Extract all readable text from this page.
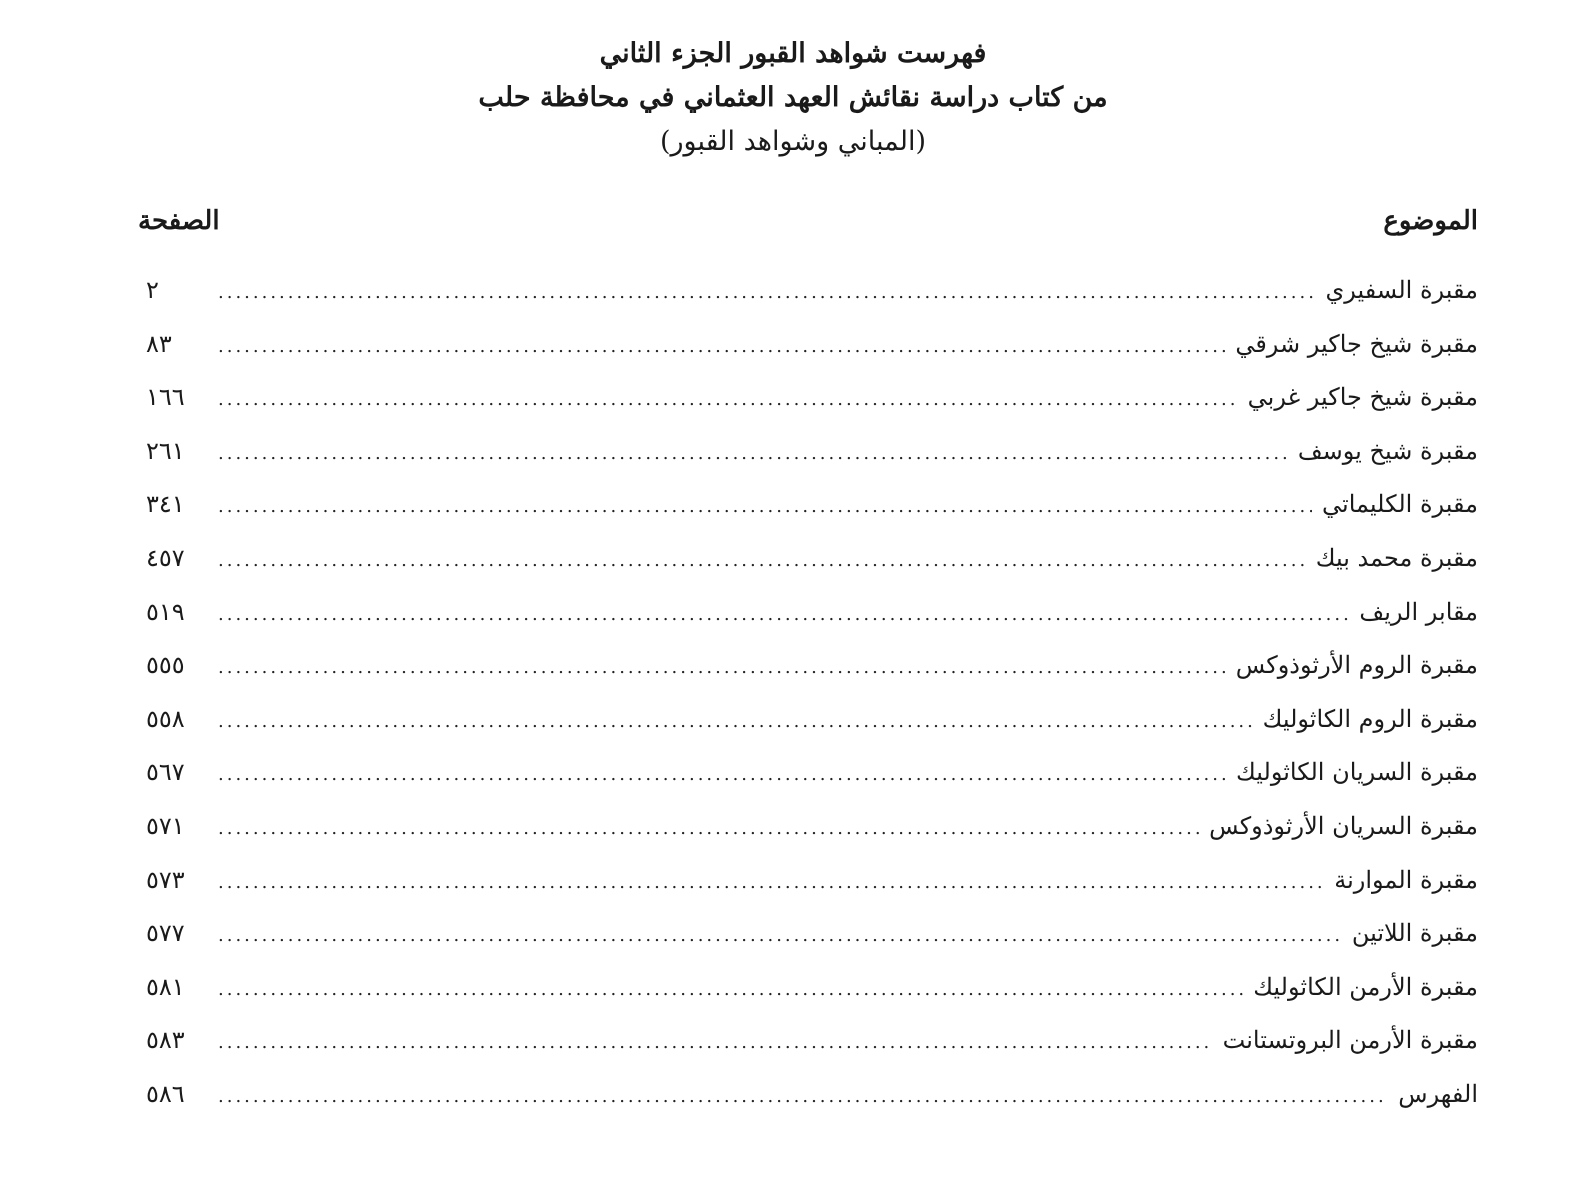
فهرست شواهد القبور الجزء الثاني
من كتاب دراسة نقائش العهد العثماني في محافظة حلب
(المباني وشواهد القبور)
الموضوع
الصفحة
مقبرة السفيري
.....
٢
مقبرة شيخ جاكير شرقي
.....
٨٣
مقبرة شيخ جاكير غربي
.....
١٦٦
مقبرة شيخ يوسف
.....
٢٦١
مقبرة الكليماتي
.....
٣٤١
مقبرة محمد بيك
.....
٤٥٧
مقابر الريف
.....
٥١٩
مقبرة الروم الأرثوذوكس
.....
٥٥٥
مقبرة الروم الكاثوليك
.....
٥٥٨
مقبرة السريان الكاثوليك
.....
٥٦٧
مقبرة السريان الأرثوذوكس
.....
٥٧١
مقبرة الموارنة
.....
٥٧٣
مقبرة اللاتين
.....
٥٧٧
مقبرة الأرمن الكاثوليك
.....
٥٨١
مقبرة الأرمن البروتستانت
.....
٥٨٣
الفهرس
.....
٥٨٦
